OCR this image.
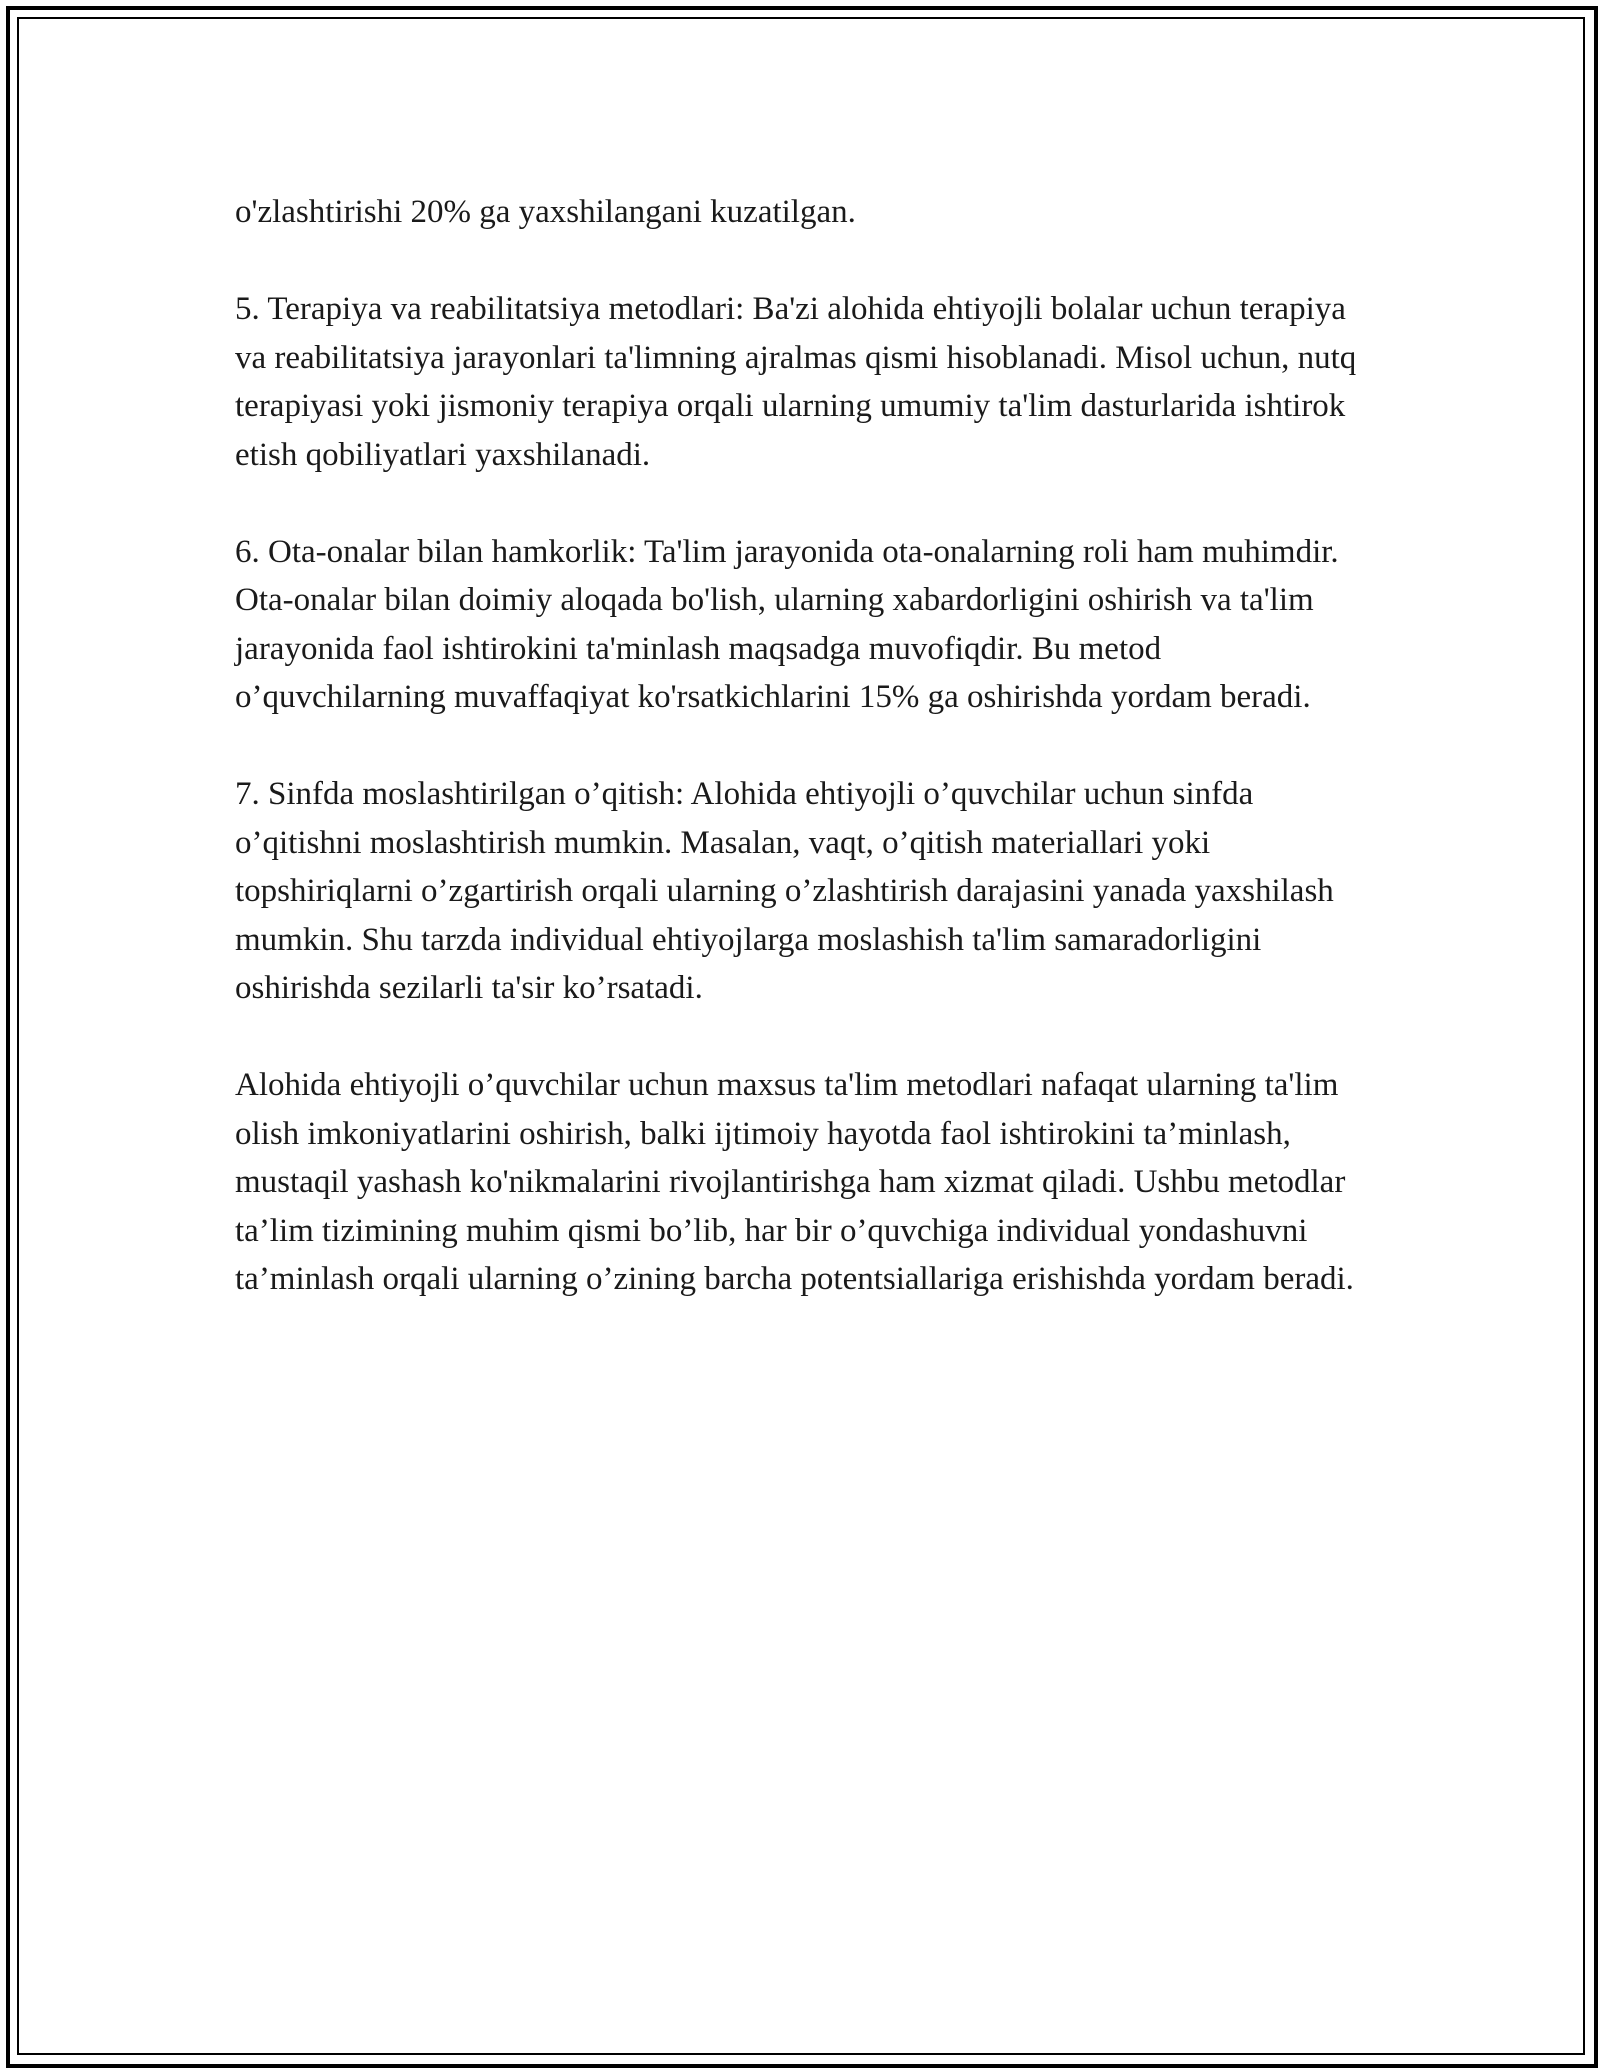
o'zlashtirishi 20% ga yaxshilangani kuzatilgan.

5. Terapiya va reabilitatsiya metodlari: Ba'zi alohida ehtiyojli bolalar uchun terapiya va reabilitatsiya jarayonlari ta'limning ajralmas qismi hisoblanadi. Misol uchun, nutq terapiyasi yoki jismoniy terapiya orqali ularning umumiy ta'lim dasturlarida ishtirok etish qobiliyatlari yaxshilanadi.

6. Ota-onalar bilan hamkorlik: Ta'lim jarayonida ota-onalarning roli ham muhimdir. Ota-onalar bilan doimiy aloqada bo'lish, ularning xabardorligini oshirish va ta'lim jarayonida faol ishtirokini ta'minlash maqsadga muvofiqdir. Bu metod o’quvchilarning muvaffaqiyat ko'rsatkichlarini 15% ga oshirishda yordam beradi.

7. Sinfda moslashtirilgan o’qitish: Alohida ehtiyojli o’quvchilar uchun sinfda o’qitishni moslashtirish mumkin. Masalan, vaqt, o’qitish materiallari yoki topshiriqlarni o’zgartirish orqali ularning o’zlashtirish darajasini yanada yaxshilash mumkin. Shu tarzda individual ehtiyojlarga moslashish ta'lim samaradorligini oshirishda sezilarli ta'sir ko’rsatadi.

Alohida ehtiyojli o’quvchilar uchun maxsus ta'lim metodlari nafaqat ularning ta'lim olish imkoniyatlarini oshirish, balki ijtimoiy hayotda faol ishtirokini ta’minlash, mustaqil yashash ko'nikmalarini rivojlantirishga ham xizmat qiladi. Ushbu metodlar ta’lim tizimining muhim qismi bo’lib, har bir o’quvchiga individual yondashuvni ta’minlash orqali ularning o’zining barcha potentsiallariga erishishda yordam beradi.
